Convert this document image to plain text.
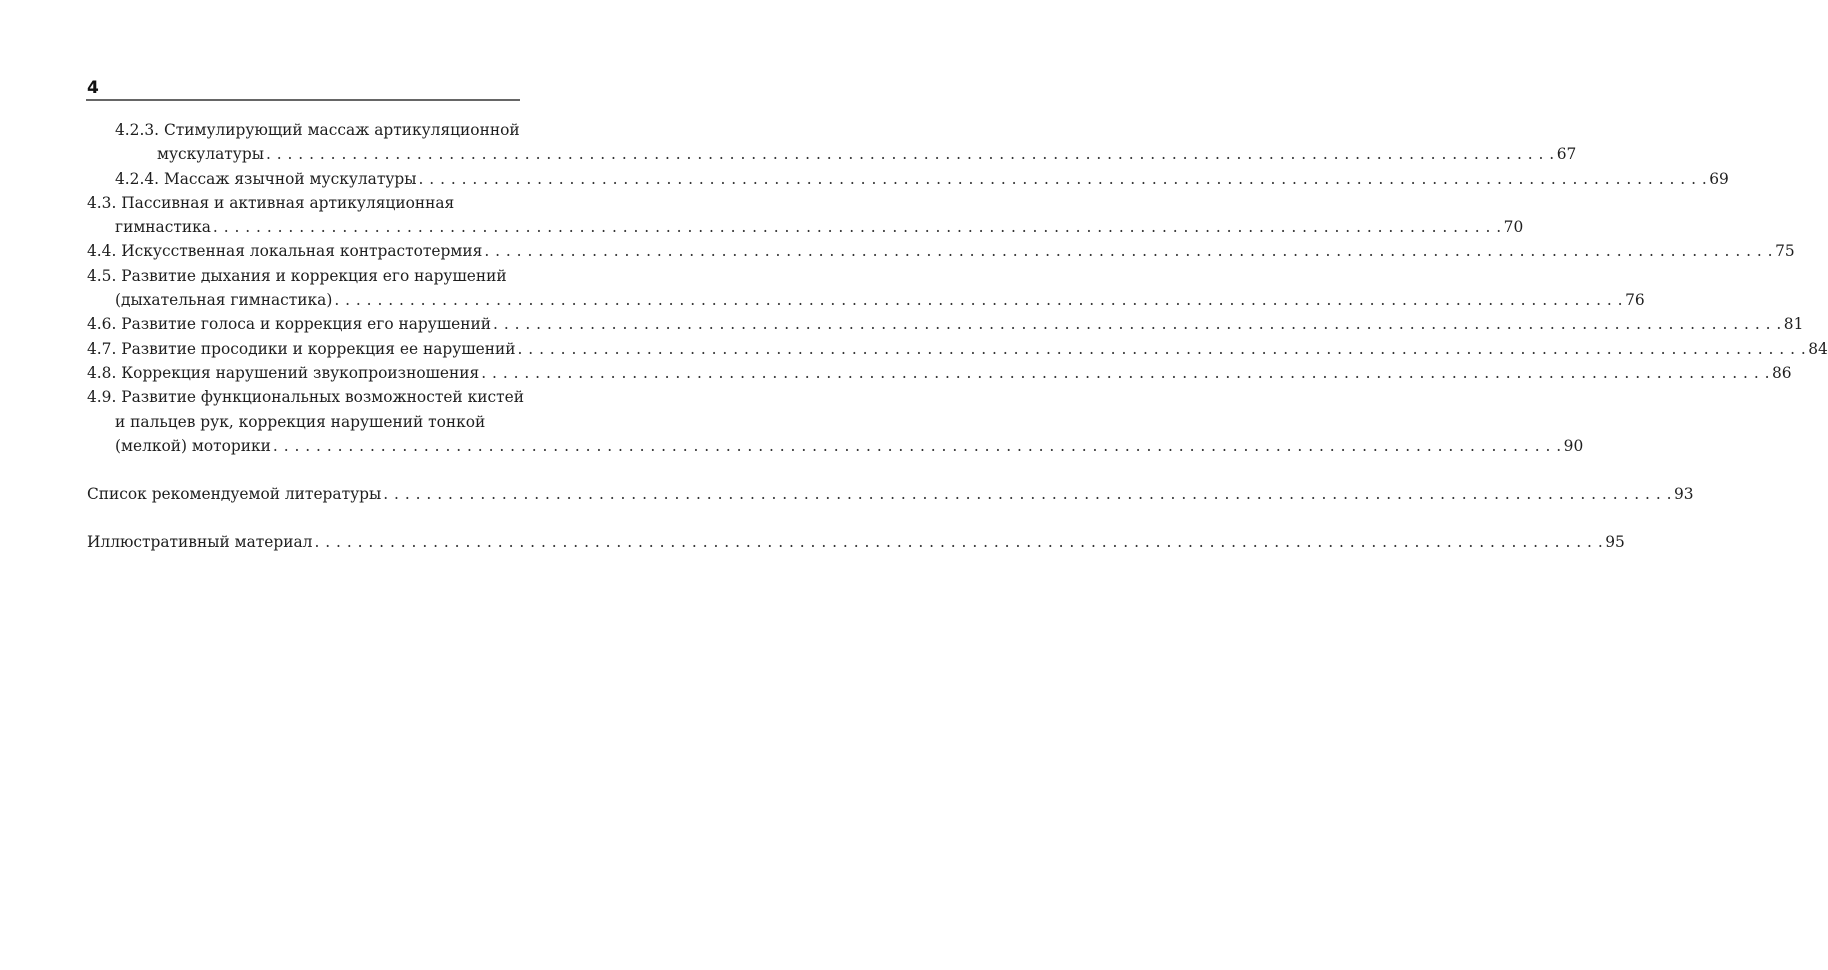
4
4.2.3. Стимулирующий массаж артикуляционной
мускулатуры . . . . . . . . . . . . . . . . . . . . . . . . . . . . . . . . . . . . . . . . . . . . . . . . . . . . . . . . . . . . . . . . . . . . . . . . . . . . . . . . . . . . . . . . . . . . . . . . . . . . . . . . . . . . . . . . . . . . . . . . 67
4.2.4. Массаж язычной мускулатуры . . . . . . . . . . . . . . . . . . . . . . . . . . . . . . . . . . . . . . . . . . . . . . . . . . . . . . . . . . . . . . . . . . . . . . . . . . . . . . . . . . . . . . . . . . . . . . . . . . . . . . . . . . . . . . . . . . . . . . . . 69
4.3. Пассивная и активная артикуляционная
гимнастика . . . . . . . . . . . . . . . . . . . . . . . . . . . . . . . . . . . . . . . . . . . . . . . . . . . . . . . . . . . . . . . . . . . . . . . . . . . . . . . . . . . . . . . . . . . . . . . . . . . . . . . . . . . . . . . . . . . . . . . . 70
4.4. Искусственная локальная контрастотермия . . . . . . . . . . . . . . . . . . . . . . . . . . . . . . . . . . . . . . . . . . . . . . . . . . . . . . . . . . . . . . . . . . . . . . . . . . . . . . . . . . . . . . . . . . . . . . . . . . . . . . . . . . . . . . . . . . . . . . . . 75
4.5. Развитие дыхания и коррекция его нарушений
(дыхательная гимнастика) . . . . . . . . . . . . . . . . . . . . . . . . . . . . . . . . . . . . . . . . . . . . . . . . . . . . . . . . . . . . . . . . . . . . . . . . . . . . . . . . . . . . . . . . . . . . . . . . . . . . . . . . . . . . . . . . . . . . . . . . 76
4.6. Развитие голоса и коррекция его нарушений . . . . . . . . . . . . . . . . . . . . . . . . . . . . . . . . . . . . . . . . . . . . . . . . . . . . . . . . . . . . . . . . . . . . . . . . . . . . . . . . . . . . . . . . . . . . . . . . . . . . . . . . . . . . . . . . . . . . . . . . 81
4.7. Развитие просодики и коррекция ее нарушений . . . . . . . . . . . . . . . . . . . . . . . . . . . . . . . . . . . . . . . . . . . . . . . . . . . . . . . . . . . . . . . . . . . . . . . . . . . . . . . . . . . . . . . . . . . . . . . . . . . . . . . . . . . . . . . . . . . . . . . . 84
4.8. Коррекция нарушений звукопроизношения . . . . . . . . . . . . . . . . . . . . . . . . . . . . . . . . . . . . . . . . . . . . . . . . . . . . . . . . . . . . . . . . . . . . . . . . . . . . . . . . . . . . . . . . . . . . . . . . . . . . . . . . . . . . . . . . . . . . . . . . 86
4.9. Развитие функциональных возможностей кистей
и пальцев рук, коррекция нарушений тонкой
(мелкой) моторики . . . . . . . . . . . . . . . . . . . . . . . . . . . . . . . . . . . . . . . . . . . . . . . . . . . . . . . . . . . . . . . . . . . . . . . . . . . . . . . . . . . . . . . . . . . . . . . . . . . . . . . . . . . . . . . . . . . . . . . . 90
Список рекомендуемой литературы . . . . . . . . . . . . . . . . . . . . . . . . . . . . . . . . . . . . . . . . . . . . . . . . . . . . . . . . . . . . . . . . . . . . . . . . . . . . . . . . . . . . . . . . . . . . . . . . . . . . . . . . . . . . . . . . . . . . . . . . 93
Иллюстративный материал . . . . . . . . . . . . . . . . . . . . . . . . . . . . . . . . . . . . . . . . . . . . . . . . . . . . . . . . . . . . . . . . . . . . . . . . . . . . . . . . . . . . . . . . . . . . . . . . . . . . . . . . . . . . . . . . . . . . . . . . 95
